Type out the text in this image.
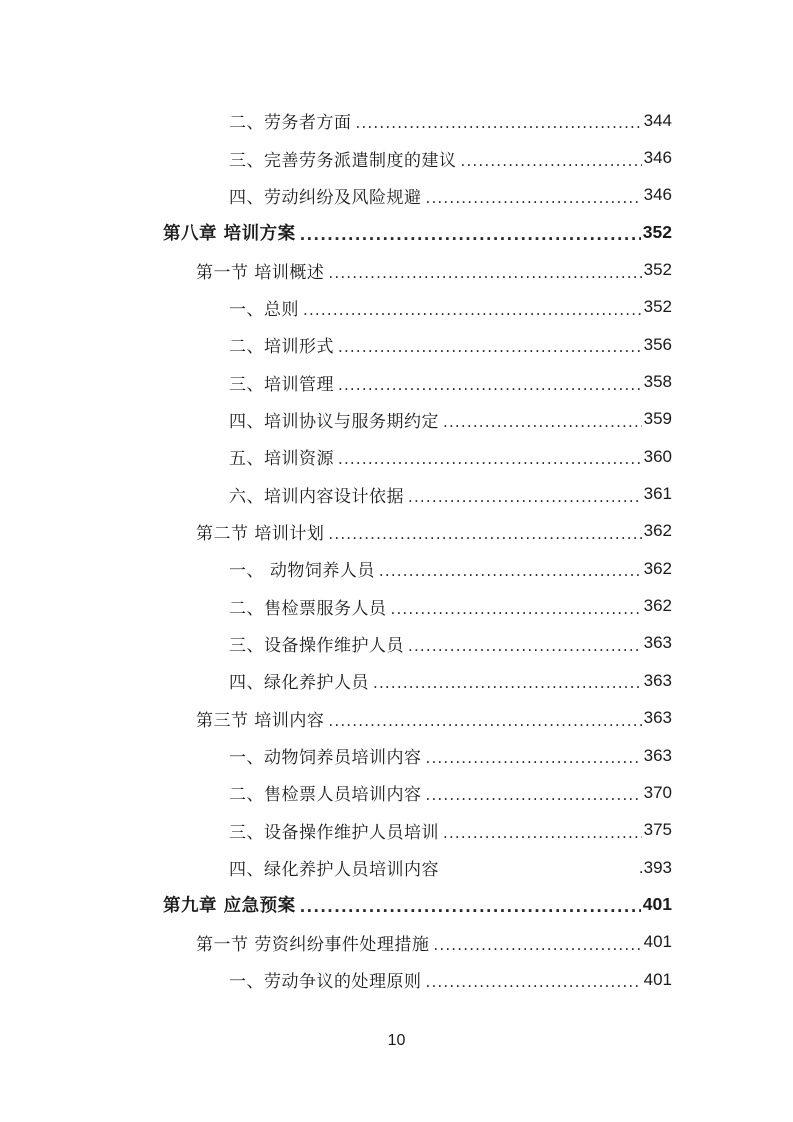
二、劳务者方面 .....	344
三、完善劳务派遣制度的建议 .....	346
四、劳动纠纷及风险规避 .....	346
第八章 培训方案 .....	352
第一节 培训概述 .....	352
一、总则 .....	352
二、培训形式 .....	356
三、培训管理 .....	358
四、培训协议与服务期约定 .....	359
五、培训资源 .....	360
六、培训内容设计依据 .....	361
第二节 培训计划 .....	362
一、 动物饲养人员 .....	362
二、售检票服务人员 .....	362
三、设备操作维护人员 .....	363
四、绿化养护人员 .....	363
第三节 培训内容 .....	363
一、动物饲养员培训内容 .....	363
二、售检票人员培训内容 .....	370
三、设备操作维护人员培训 .....	375
四、绿化养护人员培训内容	.393
第九章 应急预案 .....	401
第一节 劳资纠纷事件处理措施 .....	401
一、劳动争议的处理原则 .....	401
10
